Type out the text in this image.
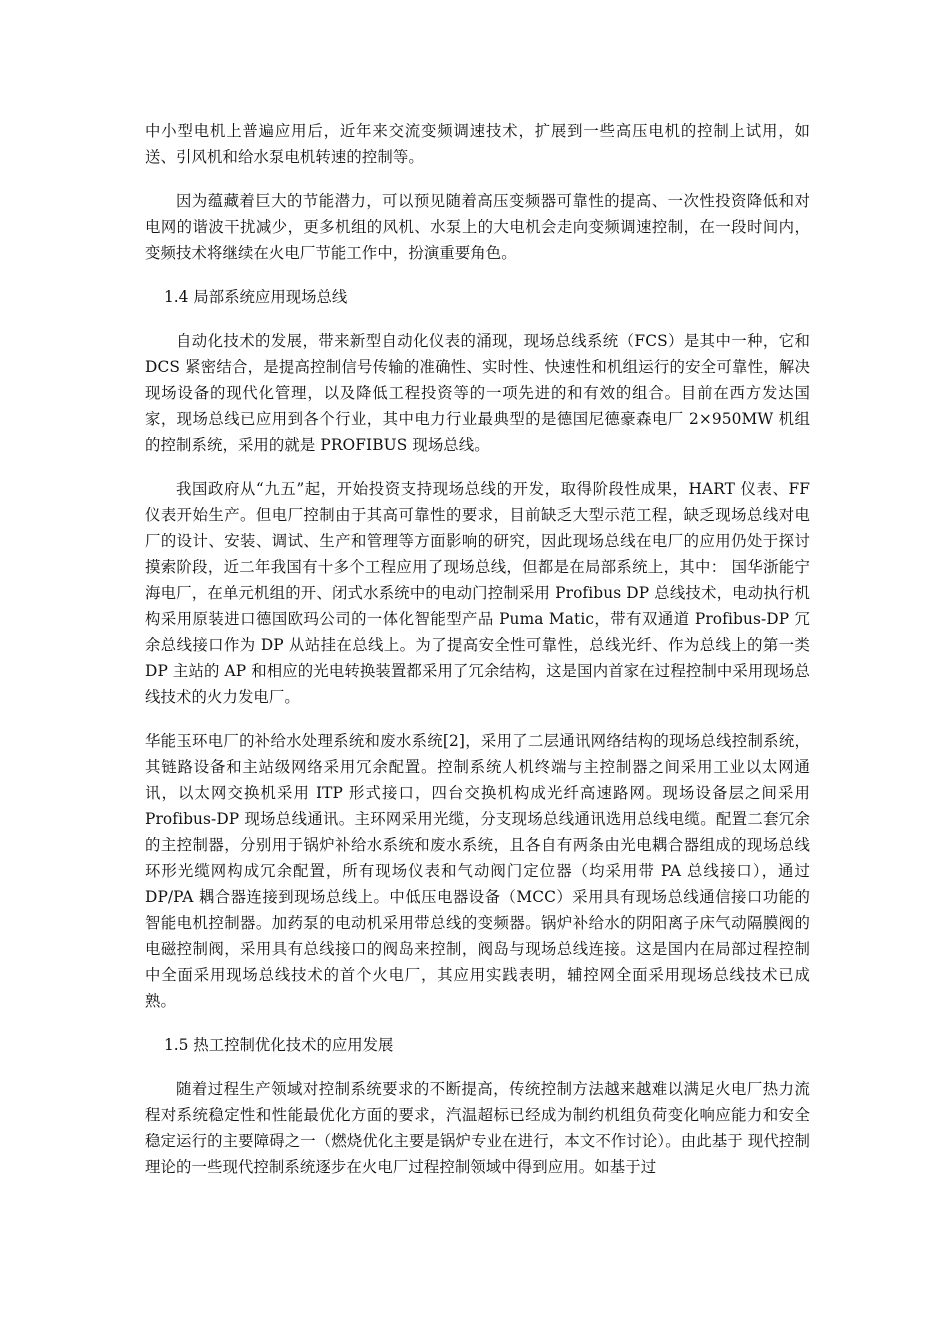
中小型电机上普遍应用后，近年来交流变频调速技术，扩展到一些高压电机的控制上试用，如送、引风机和给水泵电机转速的控制等。

因为蕴藏着巨大的节能潜力，可以预见随着高压变频器可靠性的提高、一次性投资降低和对电网的谐波干扰减少，更多机组的风机、水泵上的大电机会走向变频调速控制，在一段时间内，变频技术将继续在火电厂节能工作中，扮演重要角色。

1.4 局部系统应用现场总线

自动化技术的发展，带来新型自动化仪表的涌现，现场总线系统（FCS）是其中一种，它和 DCS 紧密结合，是提高控制信号传输的准确性、实时性、快速性和机组运行的安全可靠性，解决现场设备的现代化管理，以及降低工程投资等的一项先进的和有效的组合。目前在西方发达国家，现场总线已应用到各个行业，其中电力行业最典型的是德国尼德豪森电厂 2×950MW 机组的控制系统，采用的就是 PROFIBUS 现场总线。

我国政府从“九五”起，开始投资支持现场总线的开发，取得阶段性成果，HART 仪表、FF 仪表开始生产。但电厂控制由于其高可靠性的要求，目前缺乏大型示范工程，缺乏现场总线对电厂的设计、安装、调试、生产和管理等方面影响的研究，因此现场总线在电厂的应用仍处于探讨摸索阶段，近二年我国有十多个工程应用了现场总线，但都是在局部系统上，其中： 国华浙能宁海电厂，在单元机组的开、闭式水系统中的电动门控制采用 Profibus DP 总线技术，电动执行机构采用原装进口德国欧玛公司的一体化智能型产品 Puma Matic，带有双通道 Profibus-DP 冗余总线接口作为 DP 从站挂在总线上。为了提高安全性可靠性，总线光纤、作为总线上的第一类 DP 主站的 AP 和相应的光电转换装置都采用了冗余结构，这是国内首家在过程控制中采用现场总线技术的火力发电厂。

华能玉环电厂的补给水处理系统和废水系统[2]，采用了二层通讯网络结构的现场总线控制系统，其链路设备和主站级网络采用冗余配置。控制系统人机终端与主控制器之间采用工业以太网通讯，以太网交换机采用 ITP 形式接口，四台交换机构成光纤高速路网。现场设备层之间采用 Profibus-DP 现场总线通讯。主环网采用光缆，分支现场总线通讯选用总线电缆。配置二套冗余的主控制器，分别用于锅炉补给水系统和废水系统，且各自有两条由光电耦合器组成的现场总线环形光缆网构成冗余配置，所有现场仪表和气动阀门定位器（均采用带 PA 总线接口），通过 DP/PA 耦合器连接到现场总线上。中低压电器设备（MCC）采用具有现场总线通信接口功能的智能电机控制器。加药泵的电动机采用带总线的变频器。锅炉补给水的阴阳离子床气动隔膜阀的电磁控制阀，采用具有总线接口的阀岛来控制，阀岛与现场总线连接。这是国内在局部过程控制中全面采用现场总线技术的首个火电厂，其应用实践表明，辅控网全面采用现场总线技术已成熟。

1.5 热工控制优化技术的应用发展

随着过程生产领域对控制系统要求的不断提高，传统控制方法越来越难以满足火电厂热力流程对系统稳定性和性能最优化方面的要求，汽温超标已经成为制约机组负荷变化响应能力和安全稳定运行的主要障碍之一（燃烧优化主要是锅炉专业在进行，本文不作讨论）。由此基于 现代控制理论的一些现代控制系统逐步在火电厂过程控制领域中得到应用。如基于过
